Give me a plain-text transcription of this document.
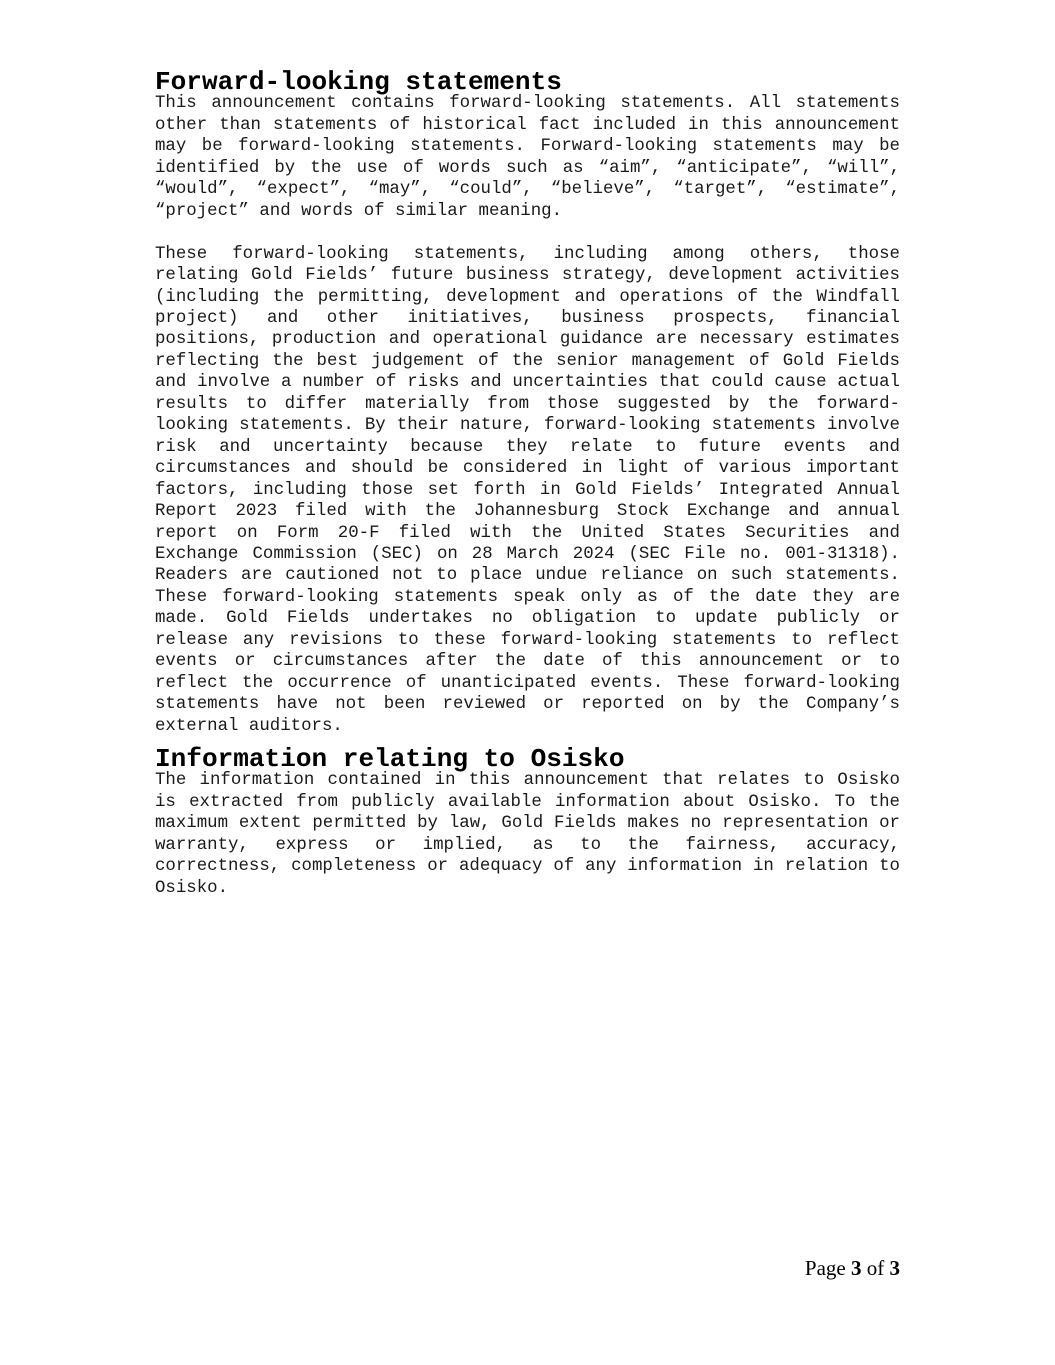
Forward-looking statements

This announcement contains forward-looking statements. All statements other than statements of historical fact included in this announcement may be forward-looking statements. Forward-looking statements may be identified by the use of words such as “aim”, “anticipate”, “will”, “would”, “expect”, “may”, “could”, “believe”, “target”, “estimate”, “project” and words of similar meaning.

These forward-looking statements, including among others, those relating Gold Fields’ future business strategy, development activities (including the permitting, development and operations of the Windfall project) and other initiatives, business prospects, financial positions, production and operational guidance are necessary estimates reflecting the best judgement of the senior management of Gold Fields and involve a number of risks and uncertainties that could cause actual results to differ materially from those suggested by the forward-looking statements. By their nature, forward-looking statements involve risk and uncertainty because they relate to future events and circumstances and should be considered in light of various important factors, including those set forth in Gold Fields’ Integrated Annual Report 2023 filed with the Johannesburg Stock Exchange and annual report on Form 20-F filed with the United States Securities and Exchange Commission (SEC) on 28 March 2024 (SEC File no. 001-31318). Readers are cautioned not to place undue reliance on such statements. These forward-looking statements speak only as of the date they are made. Gold Fields undertakes no obligation to update publicly or release any revisions to these forward-looking statements to reflect events or circumstances after the date of this announcement or to reflect the occurrence of unanticipated events. These forward-looking statements have not been reviewed or reported on by the Company’s external auditors.

Information relating to Osisko

The information contained in this announcement that relates to Osisko is extracted from publicly available information about Osisko. To the maximum extent permitted by law, Gold Fields makes no representation or warranty, express or implied, as to the fairness, accuracy, correctness, completeness or adequacy of any information in relation to Osisko.

Page 3 of 3
